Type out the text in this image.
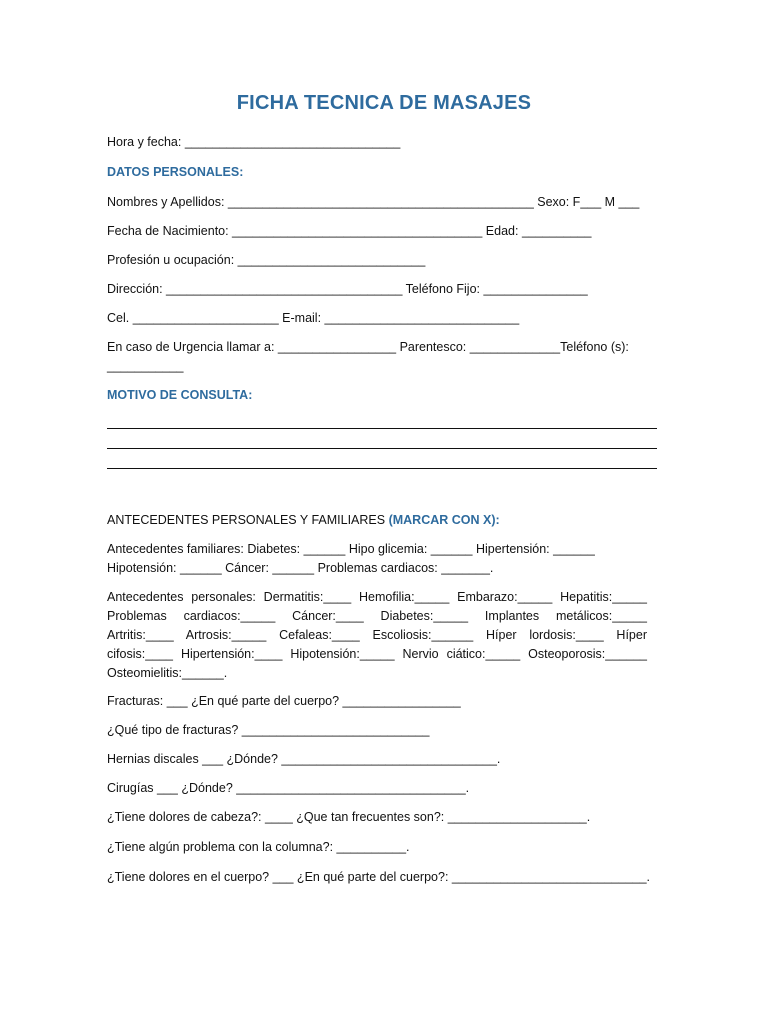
FICHA TECNICA DE MASAJES
Hora y fecha: _______________________________
DATOS PERSONALES:
Nombres y Apellidos: ____________________________________________ Sexo: F___ M ___
Fecha de Nacimiento: ____________________________________ Edad: __________
Profesión u ocupación: ___________________________
Dirección: __________________________________ Teléfono Fijo: _______________
Cel. _____________________ E-mail: ____________________________
En caso de Urgencia llamar a: _________________ Parentesco: _____________Teléfono (s):
___________
MOTIVO DE CONSULTA:
ANTECEDENTES PERSONALES Y FAMILIARES (MARCAR CON X):
Antecedentes familiares: Diabetes: ______ Hipo glicemia: ______ Hipertensión: ______
Hipotensión: ______ Cáncer: ______ Problemas cardiacos: _______.
Antecedentes personales: Dermatitis:____ Hemofilia:_____ Embarazo:_____ Hepatitis:_____
Problemas cardiacos:_____ Cáncer:____ Diabetes:_____ Implantes metálicos:_____
Artritis:____ Artrosis:_____ Cefaleas:____ Escoliosis:______ Híper lordosis:____ Híper
cifosis:____ Hipertensión:____ Hipotensión:_____ Nervio ciático:_____ Osteoporosis:______
Osteomielitis:______.
Fracturas: ___ ¿En qué parte del cuerpo? _________________
¿Qué tipo de fracturas? ___________________________
Hernias discales ___ ¿Dónde? _______________________________.
Cirugías ___ ¿Dónde? _________________________________.
¿Tiene dolores de cabeza?: ____ ¿Que tan frecuentes son?: ____________________.
¿Tiene algún problema con la columna?: __________.
¿Tiene dolores en el cuerpo? ___ ¿En qué parte del cuerpo?: ____________________________.
